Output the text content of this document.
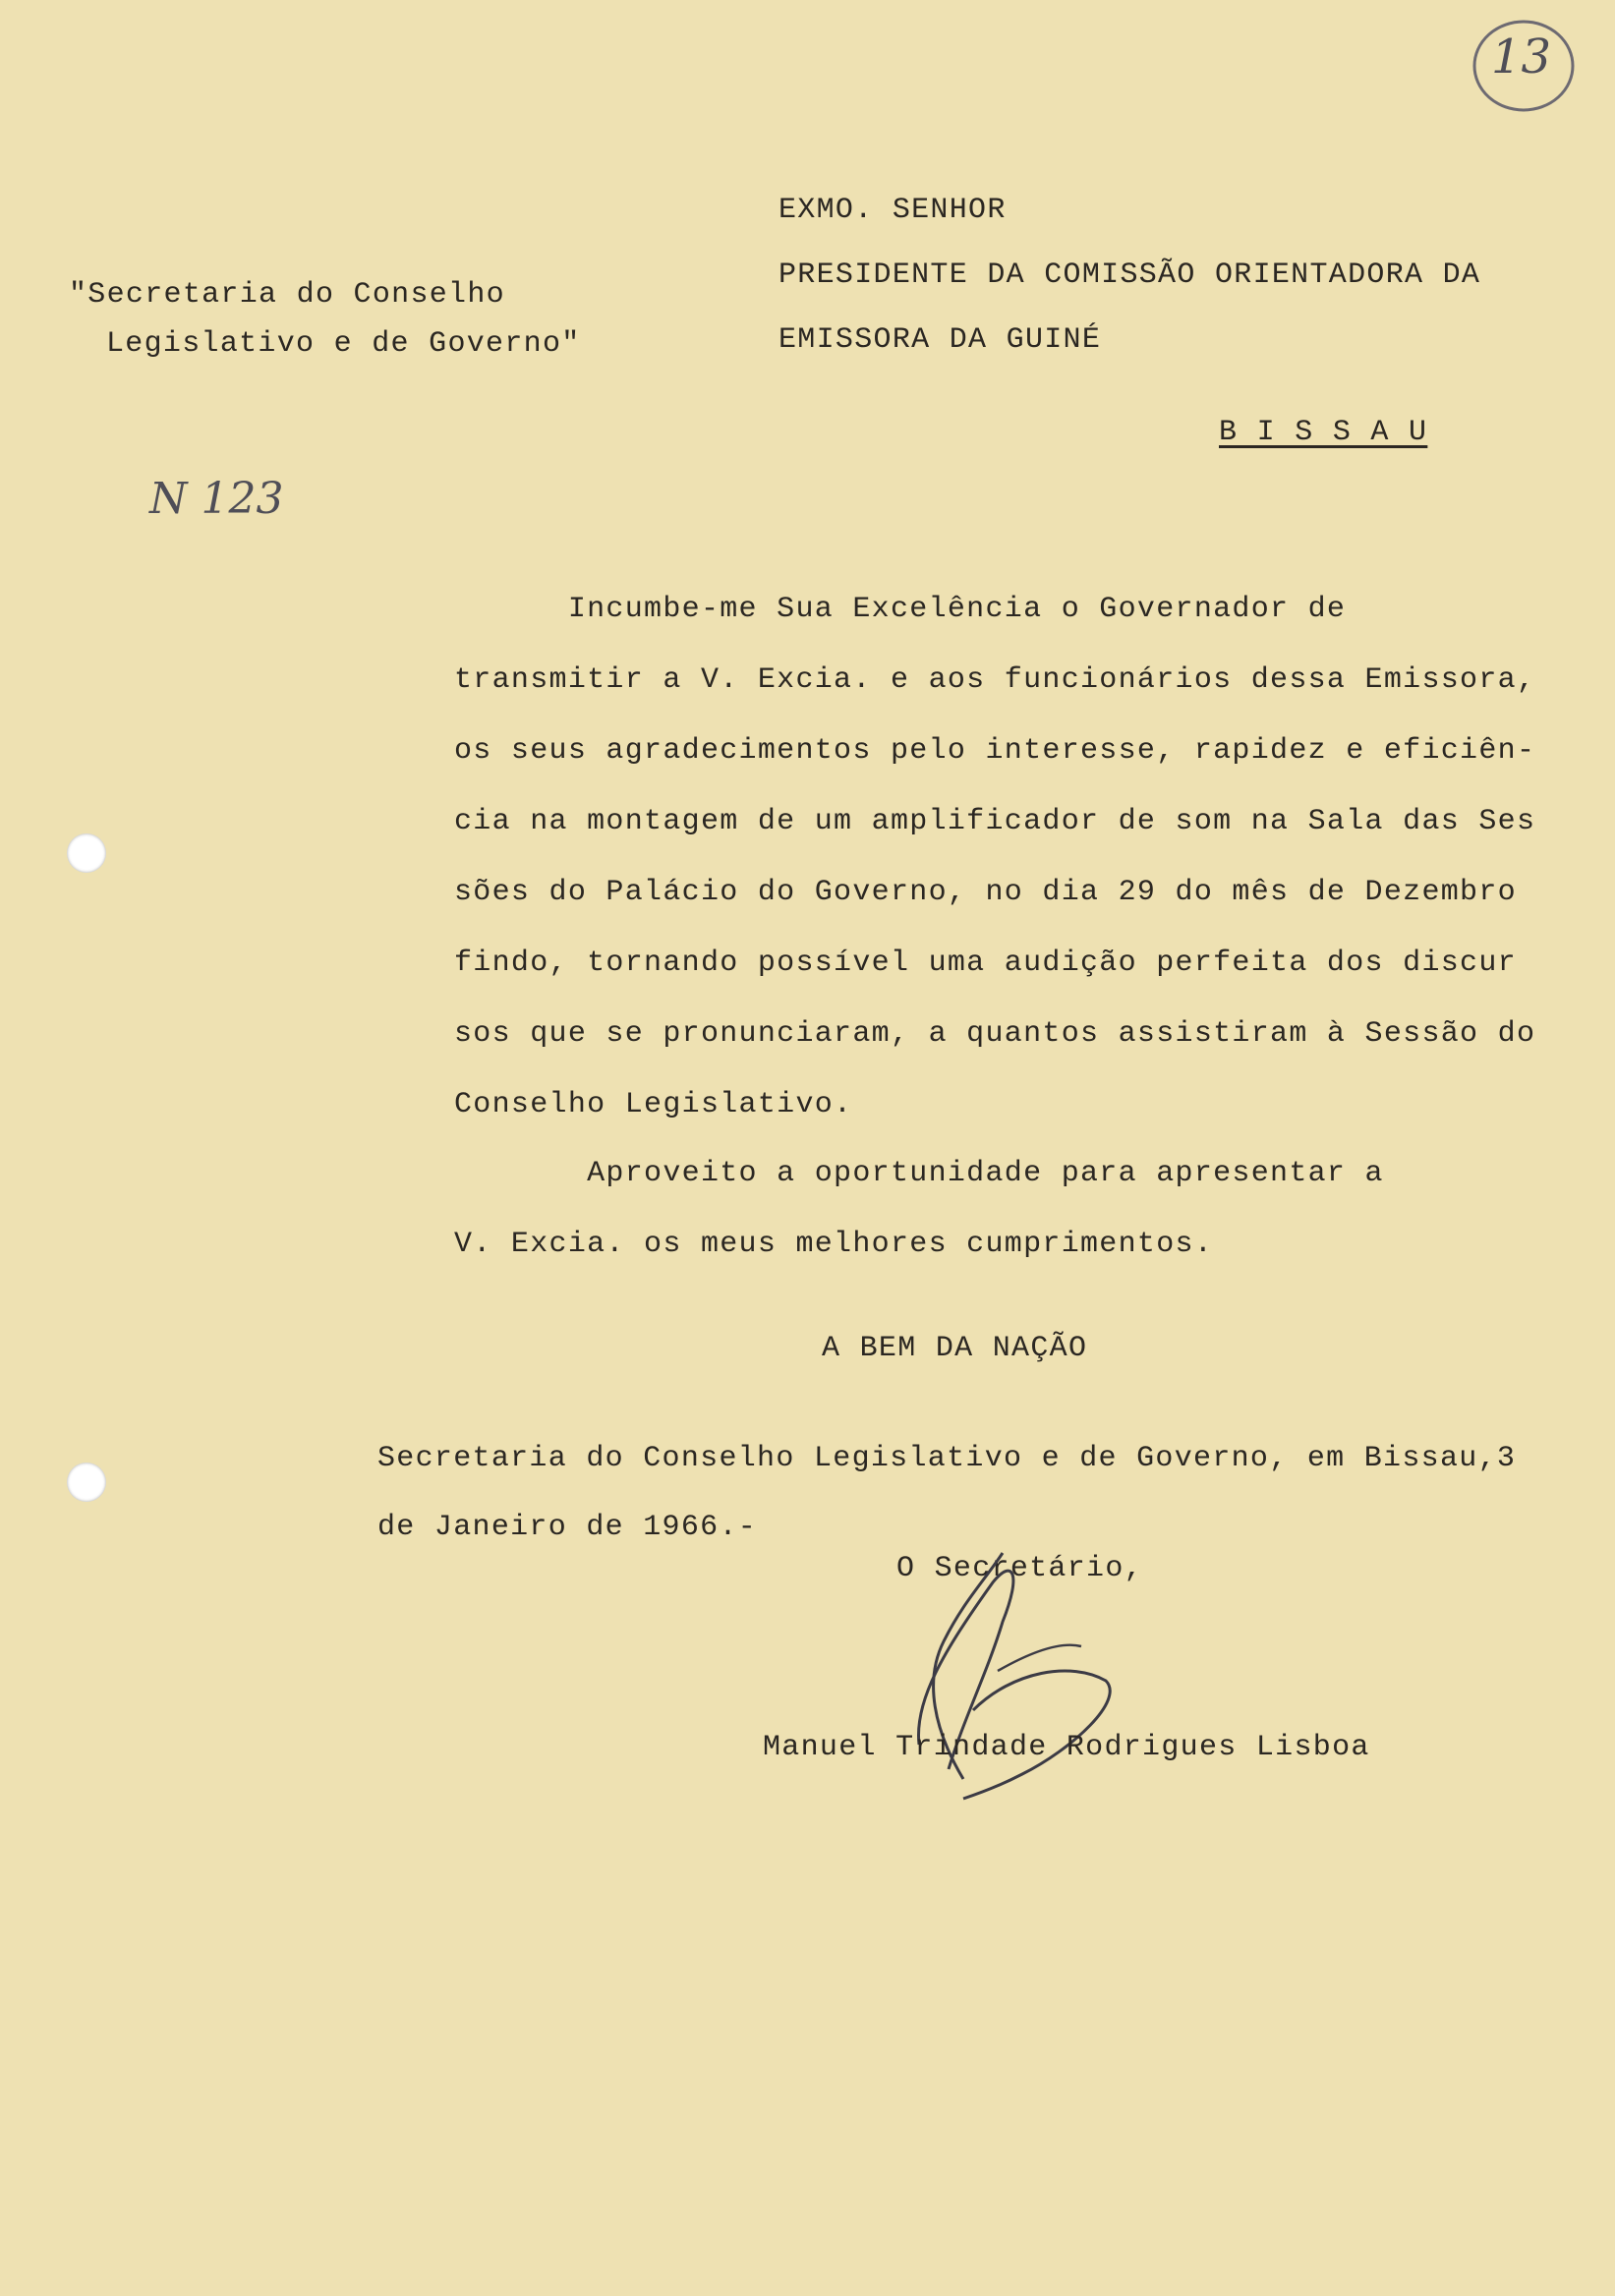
13
"Secretaria do Conselho
Legislativo e de Governo"
N 123
EXMO. SENHOR
PRESIDENTE DA COMISSÃO ORIENTADORA DA
EMISSORA DA GUINÉ
B I S S A U
Incumbe-me Sua Excelência o Governador de
transmitir a V. Excia. e aos funcionários dessa Emissora,
os seus agradecimentos pelo interesse, rapidez e eficiên-
cia na montagem de um amplificador de som na Sala das Ses
sões do Palácio do Governo, no dia 29 do mês de Dezembro
findo, tornando possível uma audição perfeita dos discur
sos que se pronunciaram, a quantos assistiram à Sessão do
Conselho Legislativo.
Aproveito a oportunidade para apresentar a
V. Excia. os meus melhores cumprimentos.
A BEM DA NAÇÃO
Secretaria do Conselho Legislativo e de Governo, em Bissau,3
de Janeiro de 1966.-
O Secretário,
Manuel Trindade Rodrigues Lisboa
